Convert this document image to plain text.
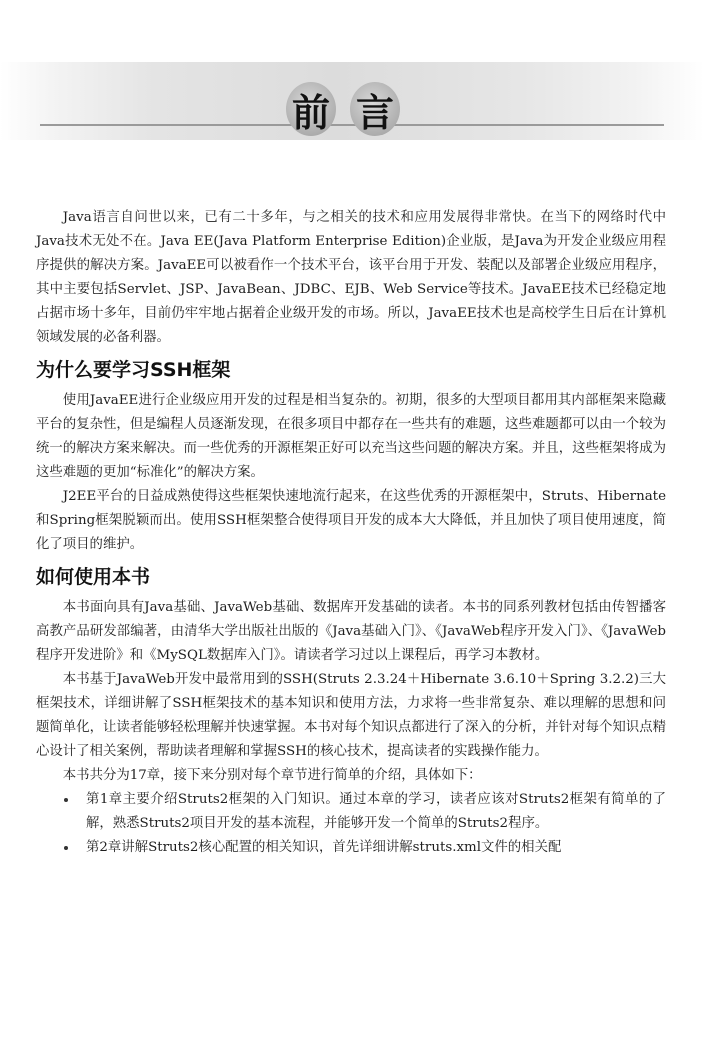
前 言

Java语言自问世以来，已有二十多年，与之相关的技术和应用发展得非常快。在当下的网络时代中Java技术无处不在。Java EE(Java Platform Enterprise Edition)企业版，是Java为开发企业级应用程序提供的解决方案。JavaEE可以被看作一个技术平台，该平台用于开发、装配以及部署企业级应用程序，其中主要包括Servlet、JSP、JavaBean、JDBC、EJB、Web Service等技术。JavaEE技术已经稳定地占据市场十多年，目前仍牢牢地占据着企业级开发的市场。所以，JavaEE技术也是高校学生日后在计算机领域发展的必备利器。

为什么要学习SSH框架

使用JavaEE进行企业级应用开发的过程是相当复杂的。初期，很多的大型项目都用其内部框架来隐藏平台的复杂性，但是编程人员逐渐发现，在很多项目中都存在一些共有的难题，这些难题都可以由一个较为统一的解决方案来解决。而一些优秀的开源框架正好可以充当这些问题的解决方案。并且，这些框架将成为这些难题的更加“标准化”的解决方案。

J2EE平台的日益成熟使得这些框架快速地流行起来，在这些优秀的开源框架中，Struts、Hibernate和Spring框架脱颖而出。使用SSH框架整合使得项目开发的成本大大降低，并且加快了项目使用速度，简化了项目的维护。

如何使用本书

本书面向具有Java基础、JavaWeb基础、数据库开发基础的读者。本书的同系列教材包括由传智播客高教产品研发部编著，由清华大学出版社出版的《Java基础入门》、《JavaWeb程序开发入门》、《JavaWeb程序开发进阶》和《MySQL数据库入门》。请读者学习过以上课程后，再学习本教材。

本书基于JavaWeb开发中最常用到的SSH(Struts 2.3.24＋Hibernate 3.6.10＋Spring 3.2.2)三大框架技术，详细讲解了SSH框架技术的基本知识和使用方法，力求将一些非常复杂、难以理解的思想和问题简单化，让读者能够轻松理解并快速掌握。本书对每个知识点都进行了深入的分析，并针对每个知识点精心设计了相关案例，帮助读者理解和掌握SSH的核心技术，提高读者的实践操作能力。

本书共分为17章，接下来分别对每个章节进行简单的介绍，具体如下：

第1章主要介绍Struts2框架的入门知识。通过本章的学习，读者应该对Struts2框架有简单的了解，熟悉Struts2项目开发的基本流程，并能够开发一个简单的Struts2程序。
第2章讲解Struts2核心配置的相关知识，首先详细讲解struts.xml文件的相关配
